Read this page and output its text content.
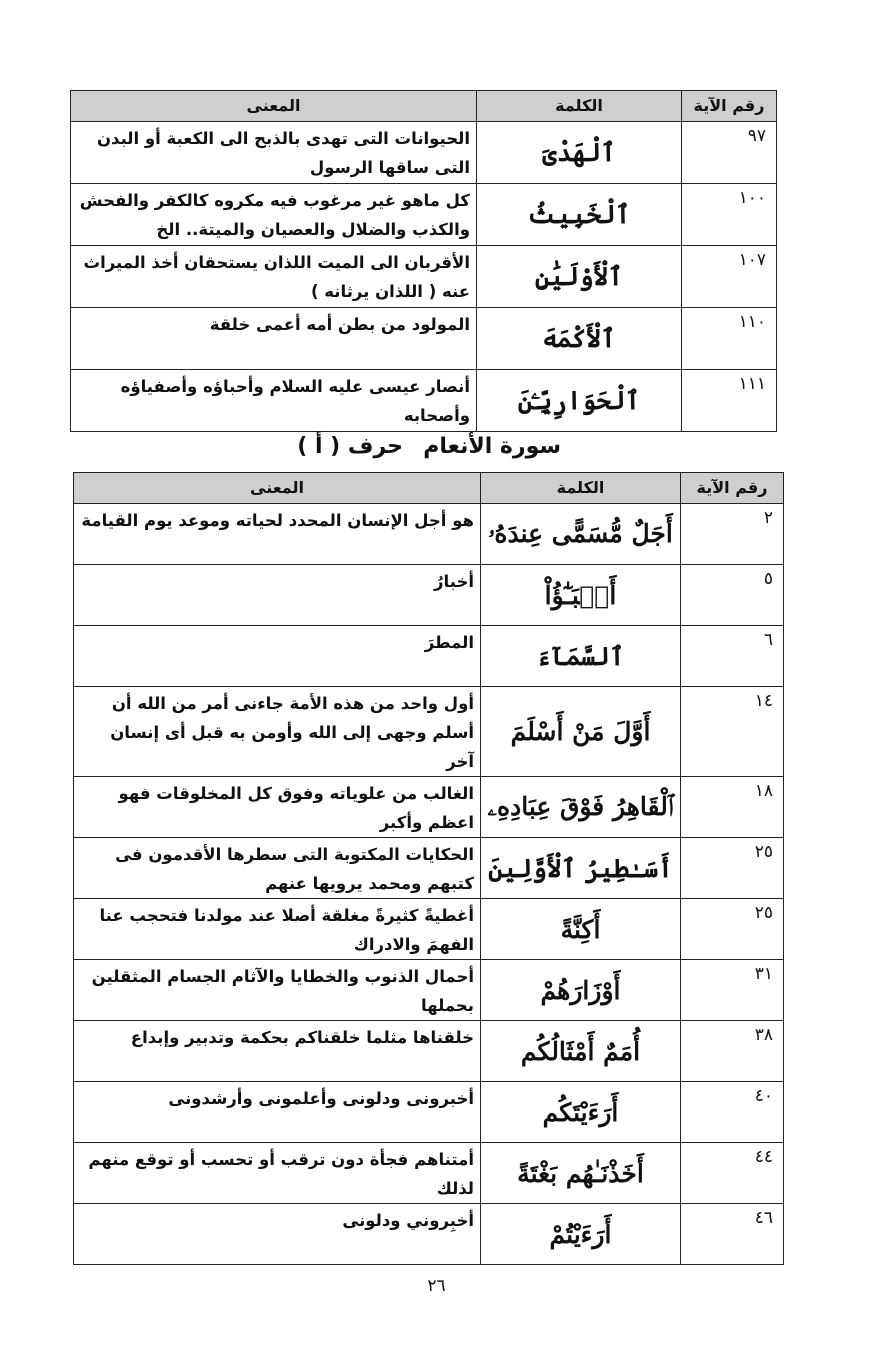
رقم الآية	الكلمة	المعنى
٩٧	ٱلْهَدْىَ	الحيوانات التى تهدى بالذبح الى الكعبة أو البدن التى ساقها الرسول
١٠٠	ٱلْخَبِيثُ	كل ماهو غير مرغوب فيه مكروه كالكفر والفحش والكذب والضلال والعصيان والميتة.. الخ
١٠٧	ٱلْأَوْلَيَٰنِ	الأقربان الى الميت اللذان يستحقان أخذ الميراث عنه ( اللذان يرثانه )
١١٠	ٱلْأَكْمَهَ	المولود من بطن أمه أعمى خلقة
١١١	ٱلْحَوَارِيِّـۧنَ	أنصار عيسى عليه السلام وأحباؤه وأصفياؤه وأصحابه
سورة الأنعام
حرف ( أ )
رقم الآية	الكلمة	المعنى
٢	أَجَلٌ مُّسَمًّى عِندَهُۥ	هو أجل الإنسان المحدد لحياته وموعد يوم القيامة
٥	أَنۢبَـٰٓؤُاْ	أخبارُ
٦	ٱلسَّمَآءَ	المطرَ
١٤	أَوَّلَ مَنْ أَسْلَمَ	أول واحد من هذه الأمة جاءنى أمر من الله أن أسلم وجهى إلى الله وأومن به قبل أى إنسان آخر
١٨	ٱلْقَاهِرُ فَوْقَ عِبَادِهِۦ	الغالب من علوياته وفوق كل المخلوقات فهو اعظم وأكبر
٢٥	أَسَـٰطِيرُ ٱلْأَوَّلِينَ	الحكايات المكتوبة التى سطرها الأقدمون فى كتبهم ومحمد يرويها عنهم
٢٥	أَكِنَّةً	أغطيةً كثيرةً مغلقة أصلا عند مولدنا فتحجب عنا الفهمَ والادراك
٣١	أَوْزَارَهُمْ	أحمال الذنوب والخطايا والآثام الجسام المثقلين بحملها
٣٨	أُمَمٌ أَمْثَالُكُم	خلقناها مثلما خلقناكم بحكمة وتدبير وإبداع
٤٠	أَرَءَيْتَكُم	أخبرونى ودلونى وأعلمونى وأرشدونى
٤٤	أَخَذْنَـٰهُم بَغْتَةً	أمتناهم فجأة دون ترقب أو تحسب أو توقع منهم لذلك
٤٦	أَرَءَيْتُمْ	أخبِروني ودلونى
٢٦
